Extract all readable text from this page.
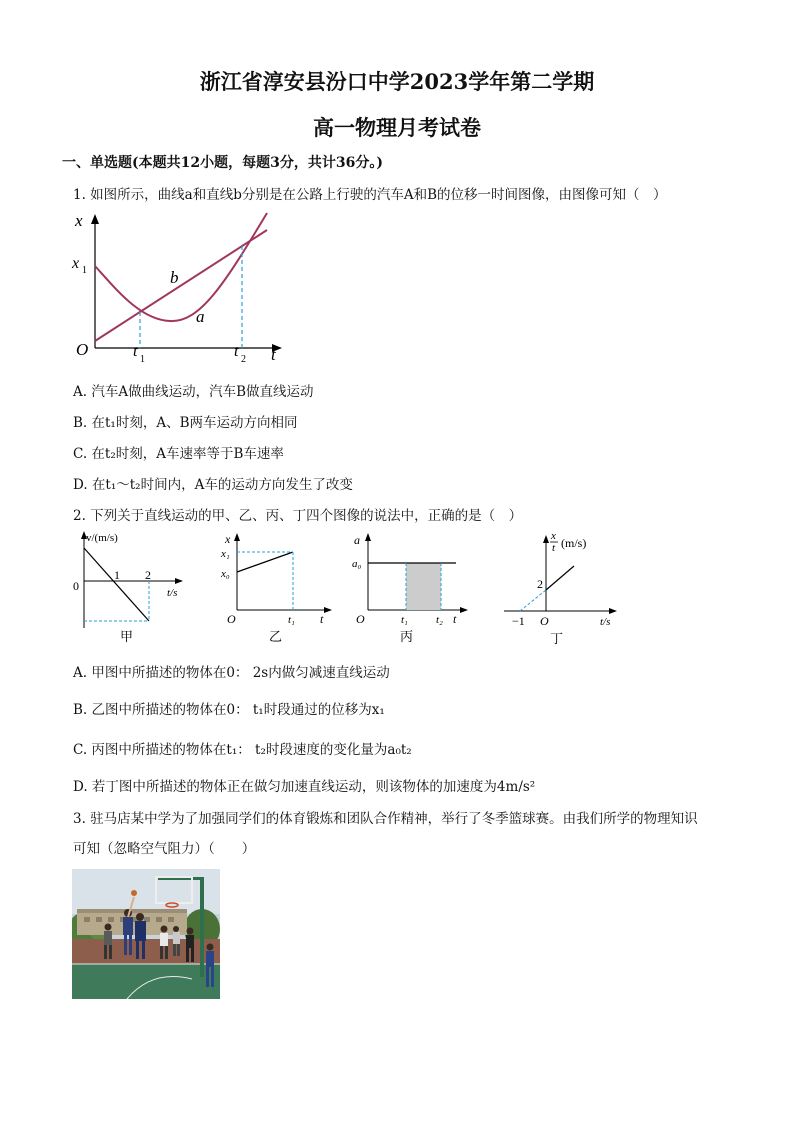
浙江省淳安县汾口中学2023学年第二学期
高一物理月考试卷
一、单选题(本题共12小题，每题3分，共计36分。)
1. 如图所示，曲线a和直线b分别是在公路上行驶的汽车A和B的位移一时间图像，由图像可知（　）
x
x 1	b
a
O	t 1	t 2 t
A. 汽车A做曲线运动，汽车B做直线运动
B. 在t₁时刻，A、B两车运动方向相同
C. 在t₂时刻，A车速率等于B车速率
D. 在t₁～t₂时间内，A车的运动方向发生了改变
2. 下列关于直线运动的甲、乙、丙、丁四个图像的说法中，正确的是（　）
v/(m/s)
0
1 2
t/s
甲
x
x₁
x₀
O	t₁ t
乙
a
a₀
O	t₁	t₂ t
丙
x
t (m/s)
2
−1 O	t/s
丁
A. 甲图中所描述的物体在0： 2s内做匀减速直线运动
B. 乙图中所描述的物体在0： t₁时段通过的位移为x₁
C. 丙图中所描述的物体在t₁： t₂时段速度的变化量为a₀t₂
D. 若丁图中所描述的物体正在做匀加速直线运动，则该物体的加速度为4m/s²
3. 驻马店某中学为了加强同学们的体育锻炼和团队合作精神，举行了冬季篮球赛。由我们所学的物理知识
可知（忽略空气阻力）（　　）
